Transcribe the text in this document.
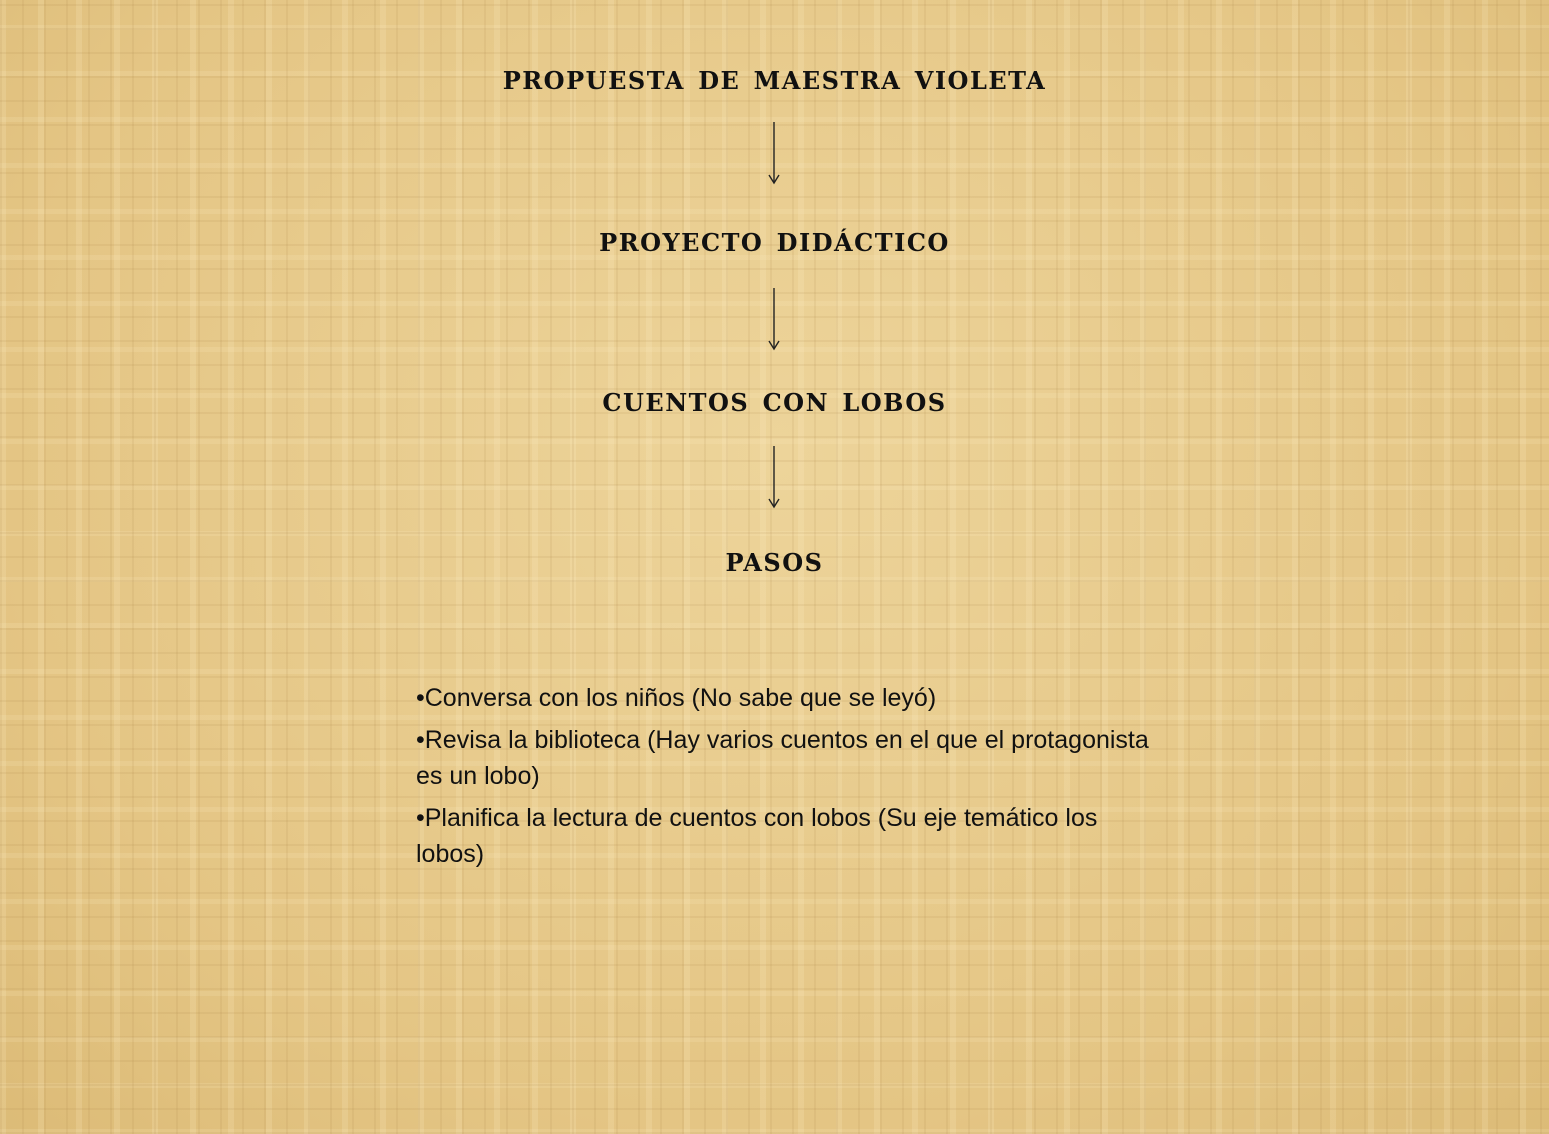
propuesta de maestra violeta
proyecto didáctico
cuentos con lobos
pasos
•Conversa con los niños (No sabe que se leyó)
•Revisa la biblioteca (Hay varios cuentos en el que el protagonista es un lobo)
•Planifica la lectura de cuentos con lobos (Su eje temático los lobos)
